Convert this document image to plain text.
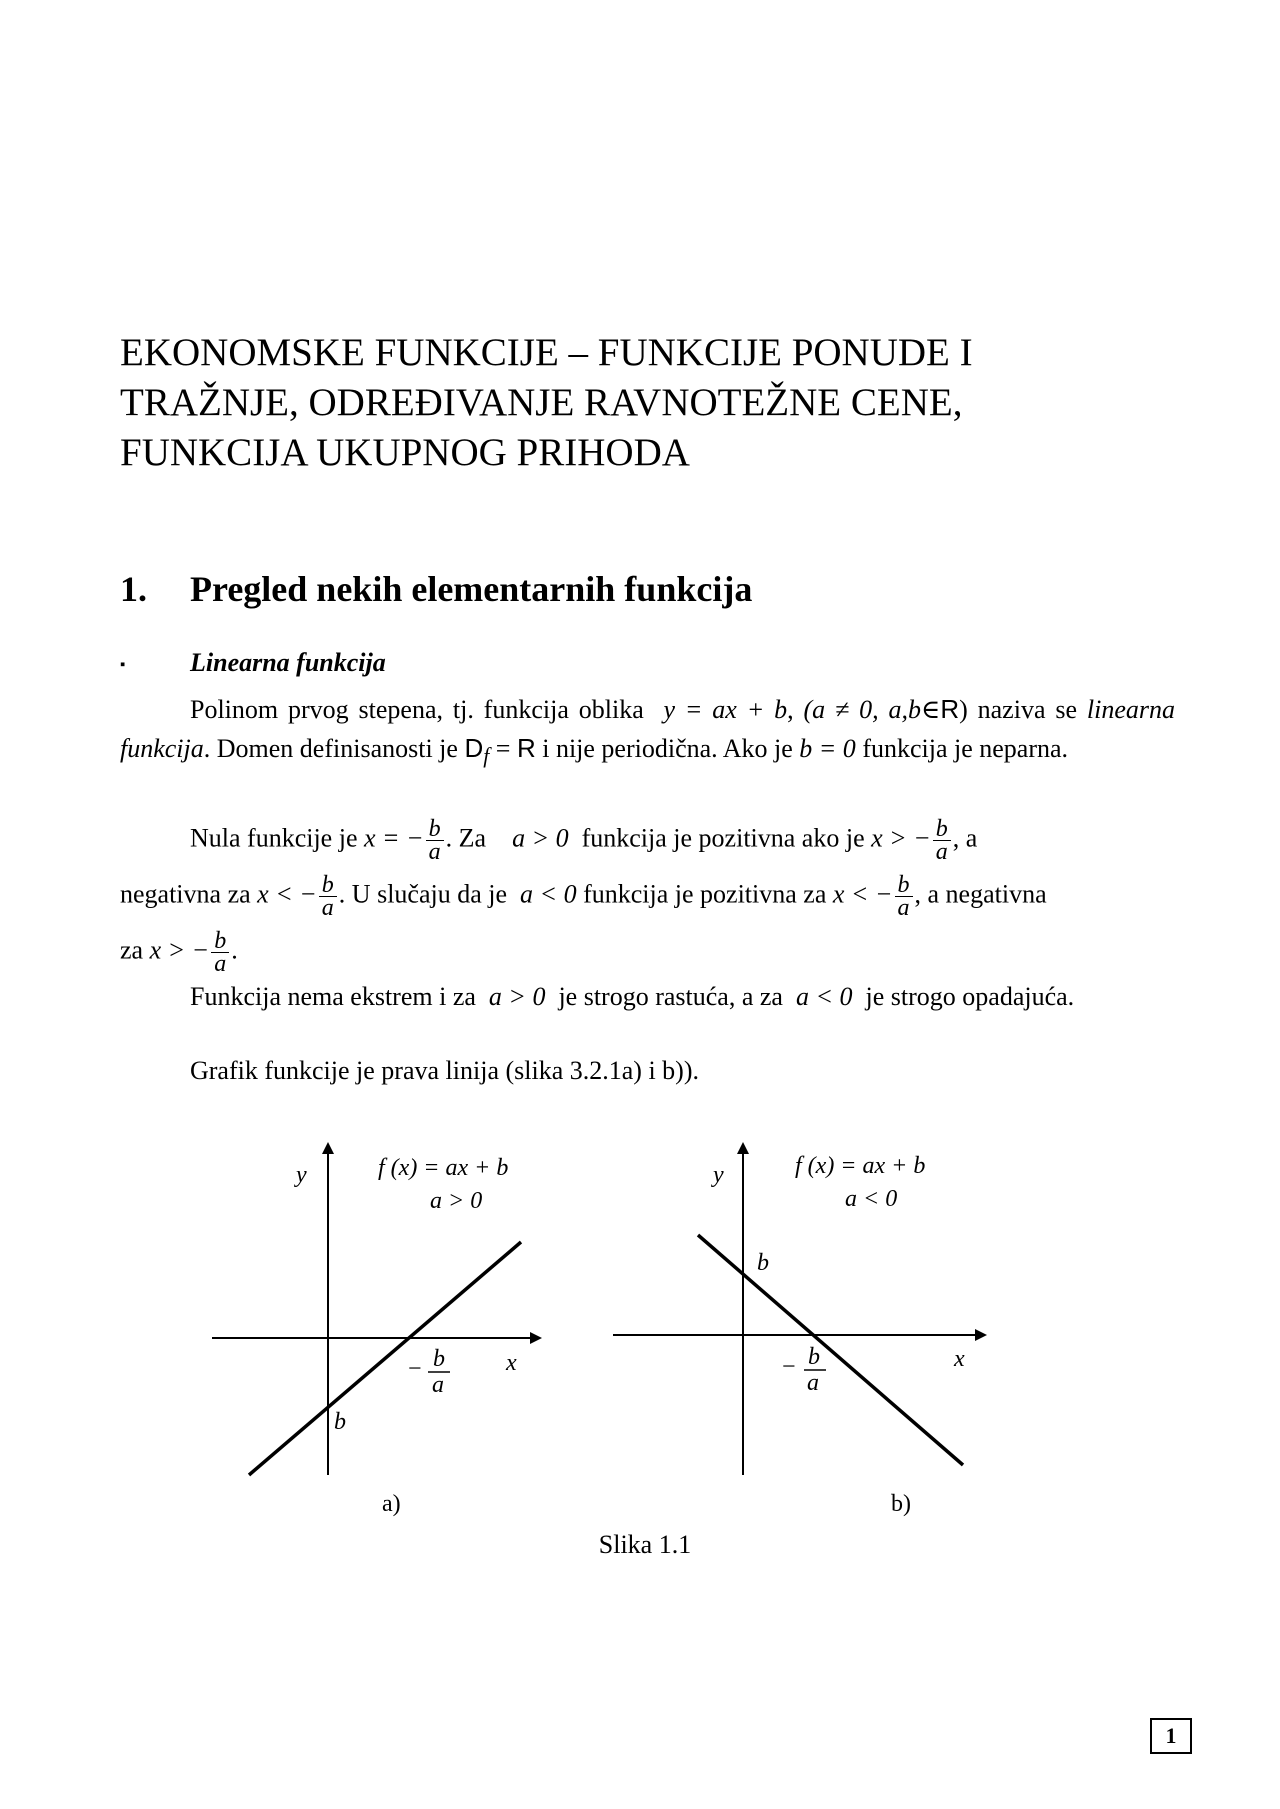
EKONOMSKE FUNKCIJE – FUNKCIJE PONUDE I
TRAŽNJE, ODREĐIVANJE RAVNOTEŽNE CENE,
FUNKCIJA UKUPNOG PRIHODA
1. Pregled nekih elementarnih funkcija
▪ Linearna funkcija

Polinom prvog stepena, tj. funkcija oblika y = ax + b, (a ≠ 0, a,b∈R) naziva se linearna funkcija. Domen definisanosti je $D_f = R$ i nije periodična. Ako je b = 0 funkcija je neparna.

Nula funkcije je x = − $\frac{b}{a}$ . Za a > 0 funkcija je pozitivna ako je x > − $\frac{b}{a}$ , a
negativna za x < − $\frac{b}{a}$ . U slučaju da je a < 0 funkcija je pozitivna za x < − $\frac{b}{a}$ , a negativna
za x > − $\frac{b}{a}$ .

Funkcija nema ekstrem i za a > 0 je strogo rastuća, a za a < 0 je strogo opadajuća.

Grafik funkcije je prava linija (slika 3.2.1a) i b)).

y	f (x) = ax + b
a > 0
− b
a
x
b
a)
y	f (x) = ax + b
a < 0
b
− b
a
x
b)
Slika 1.1
1
